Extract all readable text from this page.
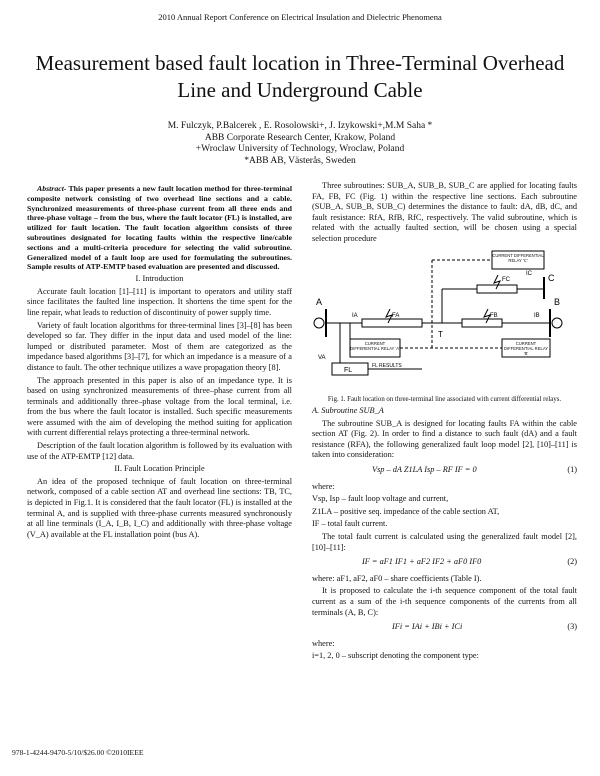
2010 Annual Report Conference on Electrical Insulation and Dielectric Phenomena
Measurement based fault location in Three-Terminal Overhead Line and Underground Cable
M. Fulczyk, P.Balcerek , E. Rosolowski+, J. Izykowski+,M.M Saha *
ABB Corporate Research Center, Krakow, Poland
+Wroclaw University of Technology, Wroclaw, Poland
*ABB AB, Västerås, Sweden

Abstract- This paper presents a new fault location method for three-terminal composite network consisting of two overhead line sections and a cable. Synchronized measurements of three-phase current from all three ends and three-phase voltage – from the bus, where the fault locator (FL) is installed, are utilized for fault location. The fault location algorithm consists of three subroutines designated for locating faults within the respective line/cable sections and a multi-criteria procedure for selecting the valid subroutine. Generalized model of a fault loop are used for formulating the subroutines. Sample results of ATP-EMTP based evaluation are presented and discussed.

I. Introduction

Accurate fault location [1]–[11] is important to operators and utility staff since facilitates the faulted line inspection. It shortens the time spent for the line repair, what leads to reduction of discontinuity of power supply time.

Variety of fault location algorithms for three-terminal lines [3]–[8] has been developed so far. They differ in the input data and used model of the line: lumped or distributed parameter. Most of them are categorized as the impedance based algorithms [3]–[7], for which an impedance is a measure of a distance to fault. The other technique utilizes a wave propagation theory [8].

The approach presented in this paper is also of an impedance type. It is based on using synchronized measurements of three–phase current from all terminals and additionally three–phase voltage from the local terminal, i.e. from the bus where the fault locator is installed. Such specific measurements were assumed with the aim of developing the method suiting for application with current differential relays protecting a three-terminal network.

Description of the fault location algorithm is followed by its evaluation with use of the ATP-EMTP [12] data.

II. Fault Location Principle

An idea of the proposed technique of fault location on three-terminal network, composed of a cable section AT and overhead line sections: TB, TC, is depicted in Fig.1. It is considered that the fault locator (FL) is installed at the terminal A, and is supplied with three-phase currents measured synchronously at all line terminals (I_A, I_B, I_C) and additionally with three-phase voltage (V_A) available at the FL installation point (bus A).

Three subroutines: SUB_A, SUB_B, SUB_C are applied for locating faults FA, FB, FC (Fig. 1) within the respective line sections. Each subroutine (SUB_A, SUB_B, SUB_C) determines the distance to fault: dA, dB, dC, and fault resistance: RfA, RfB, RfC, respectively. The valid subroutine, which is related with the actually faulted section, will be chosen using a special selection procedure

A	B
C
T
FA	FB
FC
FL
FL RESULTS
VA
IA	IB
IC
CURRENT DIFFERENTIAL RELAY 'A'
CURRENT DIFFERENTIAL RELAY 'B'
CURRENT DIFFERENTIAL RELAY 'C'

Fig. 1. Fault location on three-terminal line associated with current differential relays.

A. Subroutine SUB_A

The subroutine SUB_A is designed for locating faults FA within the cable section AT (Fig. 2). In order to find a distance to such fault (dA) and a fault resistance (RFA), the following generalized fault loop model [2], [10]–[11] is taken into consideration:

Vsp – dA Z1LA Isp – RF IF = 0	(1)

where:

Vsp, Isp – fault loop voltage and current,

Z1LA – positive seq. impedance of the cable section AT,

IF – total fault current.

The total fault current is calculated using the generalized fault model [2], [10]–[11]:

IF = aF1 IF1 + aF2 IF2 + aF0 IF0	(2)

where: aF1, aF2, aF0 – share coefficients (Table I).

It is proposed to calculate the i-th sequence component of the total fault current as a sum of the i-th sequence components of the currents from all terminals (A, B, C):

IFi = IAi + IBi + ICi	(3)

where:

i=1, 2, 0 – subscript denoting the component type:

978-1-4244-9470-5/10/$26.00 ©2010IEEE
